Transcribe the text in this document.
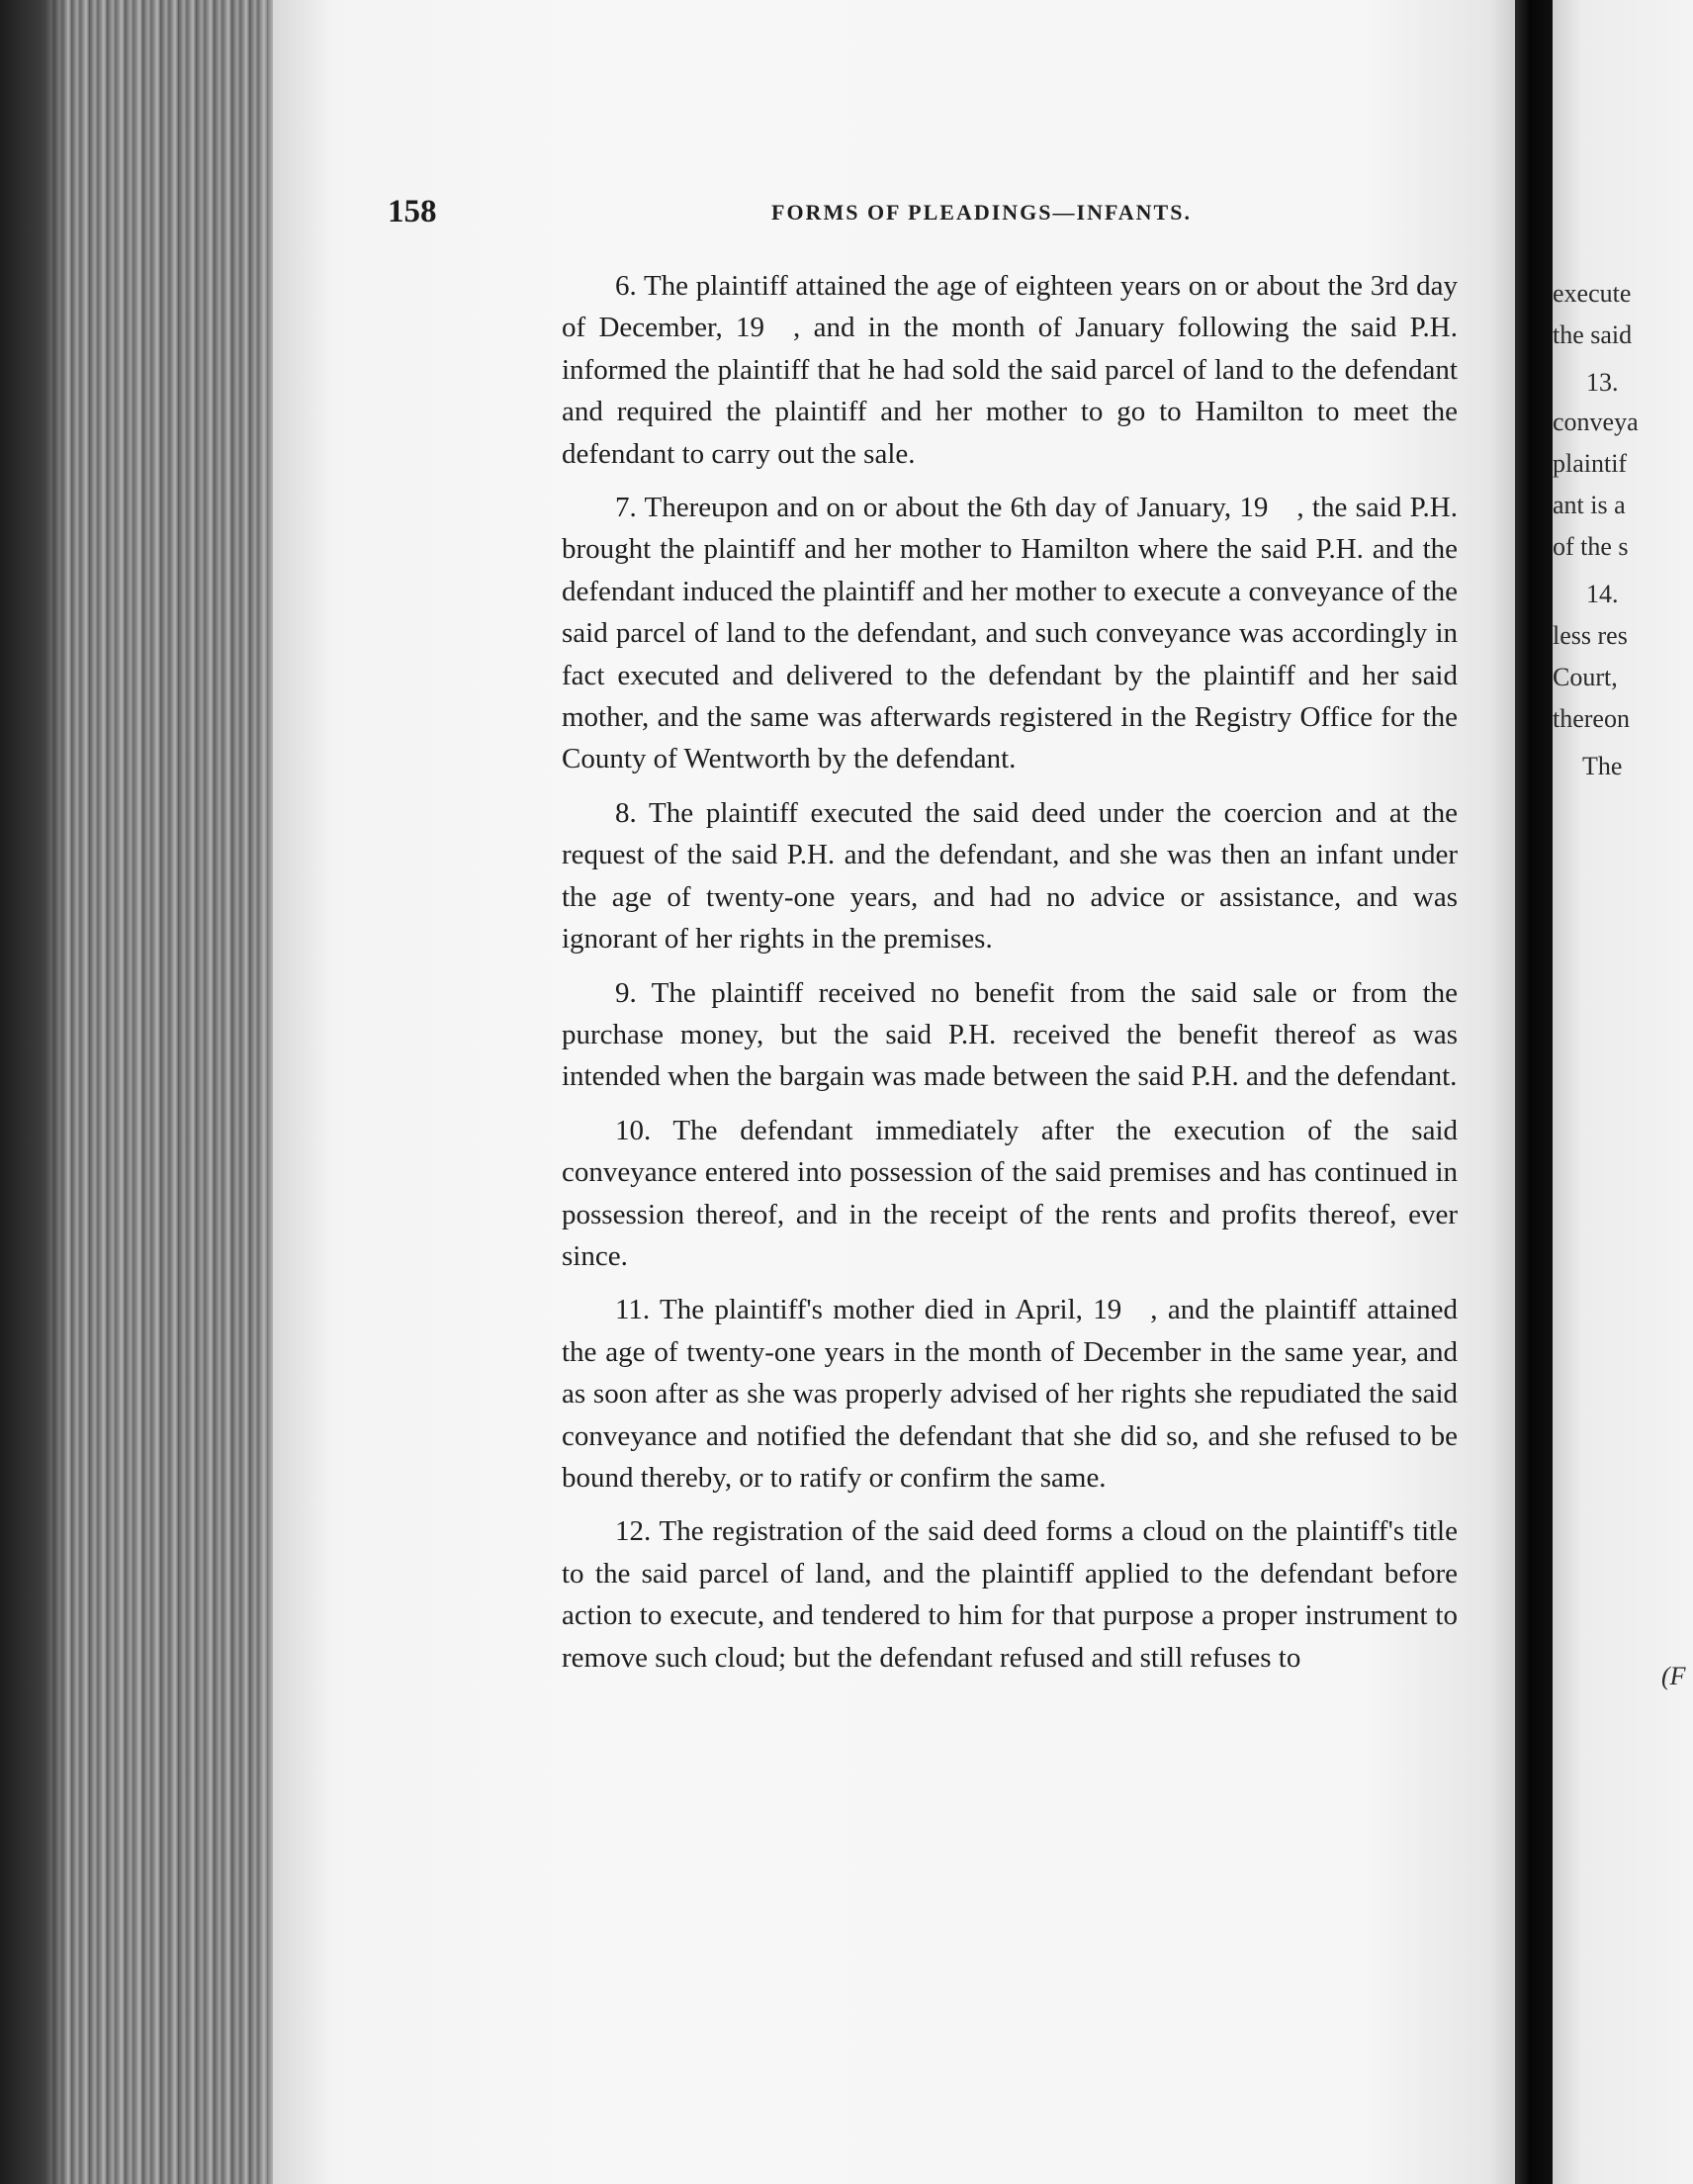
158	FORMS OF PLEADINGS—INFANTS.

6. The plaintiff attained the age of eighteen years on or about the 3rd day of December, 19 , and in the month of January following the said P.H. informed the plaintiff that he had sold the said parcel of land to the defendant and required the plaintiff and her mother to go to Hamilton to meet the defendant to carry out the sale.

7. Thereupon and on or about the 6th day of January, 19 , the said P.H. brought the plaintiff and her mother to Hamilton where the said P.H. and the defendant induced the plaintiff and her mother to execute a conveyance of the said parcel of land to the defendant, and such conveyance was accordingly in fact executed and delivered to the defendant by the plaintiff and her said mother, and the same was afterwards registered in the Registry Office for the County of Wentworth by the defendant.

8. The plaintiff executed the said deed under the coercion and at the request of the said P.H. and the defendant, and she was then an infant under the age of twenty-one years, and had no advice or assistance, and was ignorant of her rights in the premises.

9. The plaintiff received no benefit from the said sale or from the purchase money, but the said P.H. received the benefit thereof as was intended when the bargain was made between the said P.H. and the defendant.

10. The defendant immediately after the execution of the said conveyance entered into possession of the said premises and has continued in possession thereof, and in the receipt of the rents and profits thereof, ever since.

11. The plaintiff's mother died in April, 19 , and the plaintiff attained the age of twenty-one years in the month of December in the same year, and as soon after as she was properly advised of her rights she repudiated the said conveyance and notified the defendant that she did so, and she refused to be bound thereby, or to ratify or confirm the same.

12. The registration of the said deed forms a cloud on the plaintiff's title to the said parcel of land, and the plaintiff applied to the defendant before action to execute, and tendered to him for that purpose a proper instrument to remove such cloud; but the defendant refused and still refuses to

execute
the said
13.
conveya
plaintif
ant is a
of the s
14.
less res
Court,
thereon
The
(F
